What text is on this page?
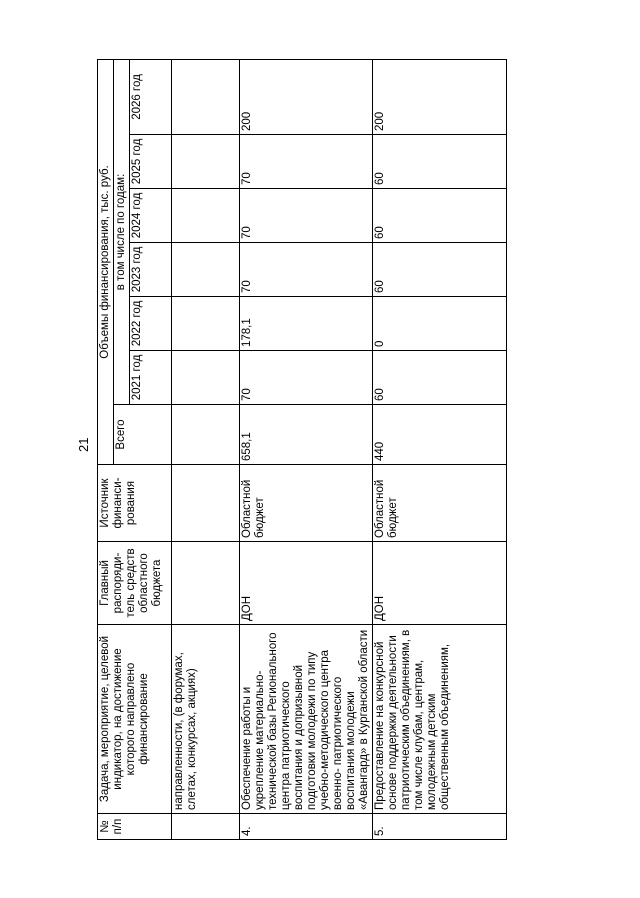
21
№ п/п	Задача, мероприятие, целевой индикатор, на достижение которого направлено финансирование	Главный распоряди-тель средств областного бюджета	Источник финанси-рования	Объемы финансирования, тыс. руб.						
				Всего	в том числе по годам:					
					2021 год	2022 год	2023 год	2024 год	2025 год	2026 год
	направленности, (в форумах, слетах, конкурсах, акциях)									
4.	Обеспечение работы и укрепление материально-технической базы Регионального центра патриотического воспитания и допризывной подготовки молодежи по типу учебно-методического центра военно- патриотического воспитания молодежи «Авангард» в Курганской области	ДОН	Областной бюджет	658,1	70	178,1	70	70	70	200
5.	Предоставление на конкурсной основе поддержки деятельности патриотическим объединениям, в том числе клубам, центрам, молодежным детским общественным объединениям,	ДОН	Областной бюджет	440	60	0	60	60	60	200
